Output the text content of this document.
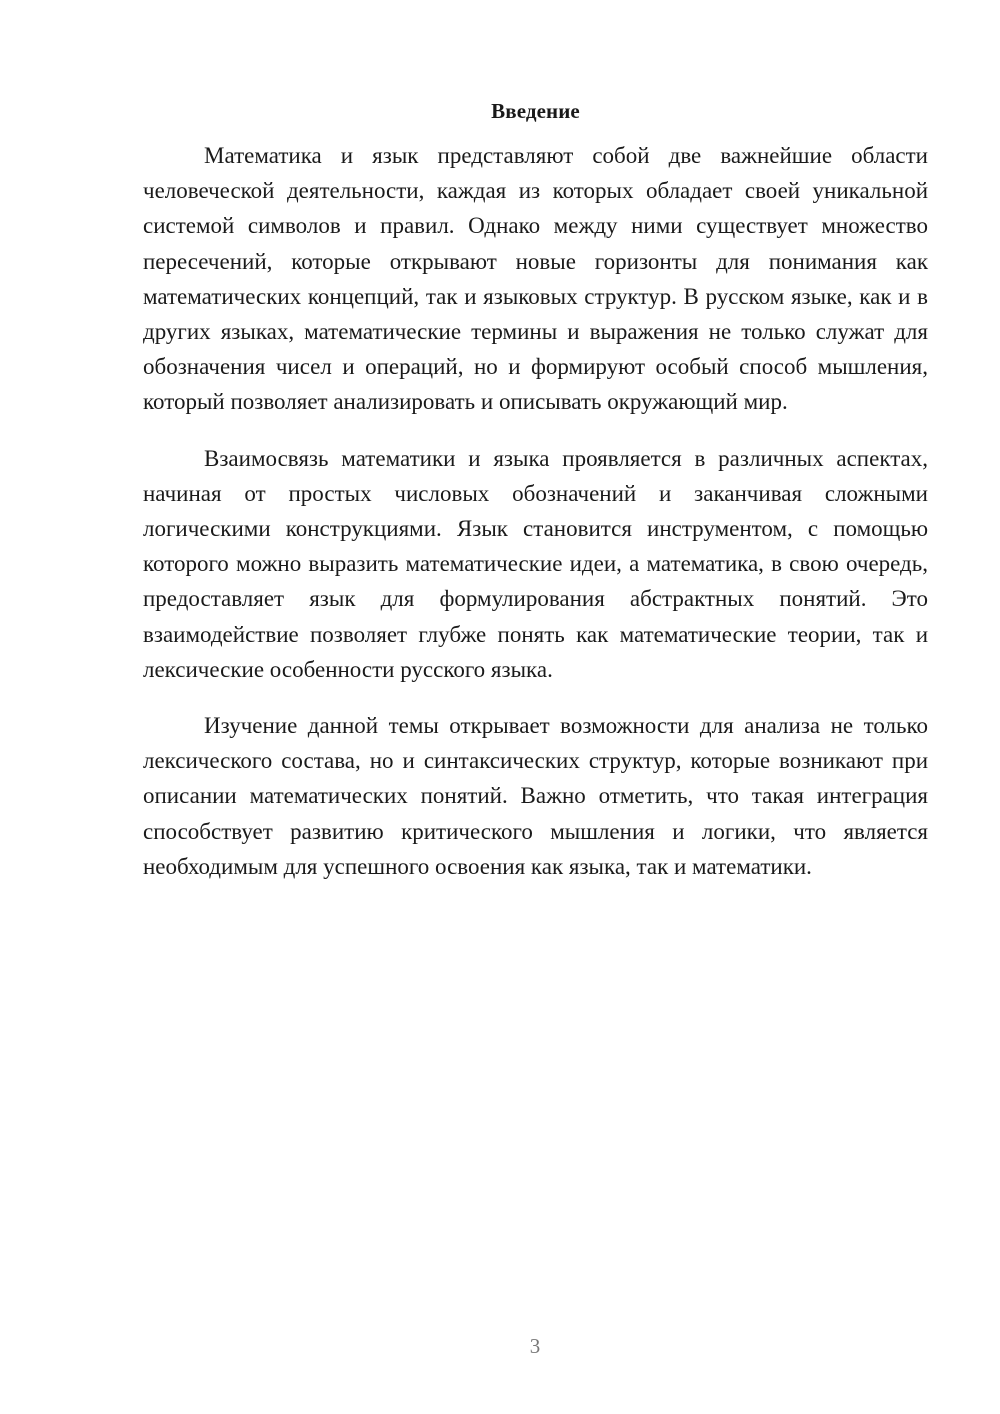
Введение

Математика и язык представляют собой две важнейшие области человеческой деятельности, каждая из которых обладает своей уникальной системой символов и правил. Однако между ними существует множество пересечений, которые открывают новые горизонты для понимания как математических концепций, так и языковых структур. В русском языке, как и в других языках, математические термины и выражения не только служат для обозначения чисел и операций, но и формируют особый способ мышления, который позволяет анализировать и описывать окружающий мир.

Взаимосвязь математики и языка проявляется в различных аспектах, начиная от простых числовых обозначений и заканчивая сложными логическими конструкциями. Язык становится инструментом, с помощью которого можно выразить математические идеи, а математика, в свою очередь, предоставляет язык для формулирования абстрактных понятий. Это взаимодействие позволяет глубже понять как математические теории, так и лексические особенности русского языка.

Изучение данной темы открывает возможности для анализа не только лексического состава, но и синтаксических структур, которые возникают при описании математических понятий. Важно отметить, что такая интеграция способствует развитию критического мышления и логики, что является необходимым для успешного освоения как языка, так и математики.

3
